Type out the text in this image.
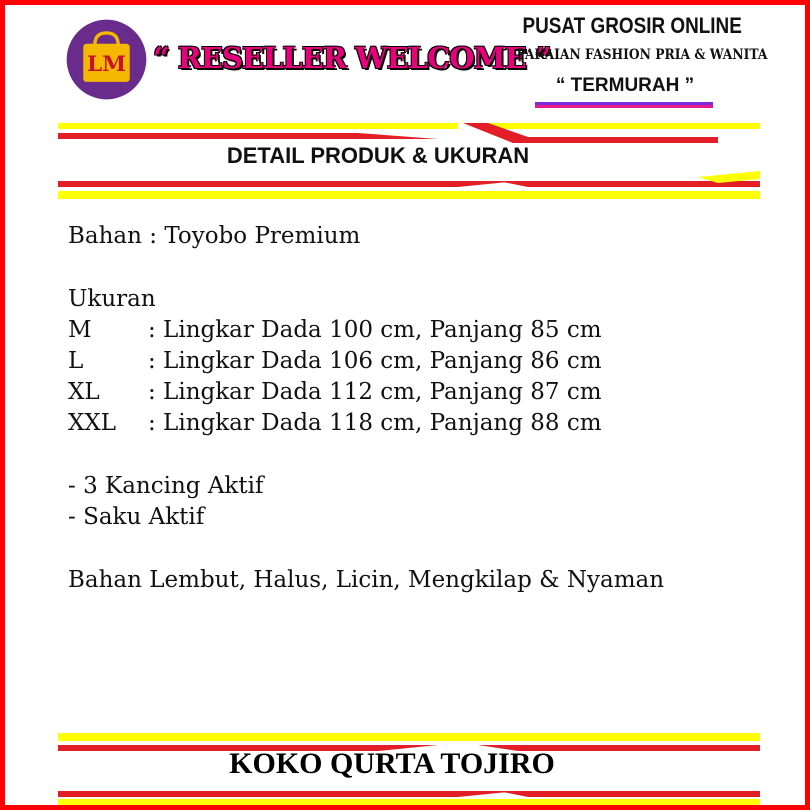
LM “ RESELLER WELCOME ”
PUSAT GROSIR ONLINE
PAKAIAN FASHION PRIA & WANITA
“ TERMURAH ”
DETAIL PRODUK & UKURAN
Bahan : Toyobo Premium
Ukuran
M : Lingkar Dada 100 cm, Panjang 85 cm
L	: Lingkar Dada 106 cm, Panjang 86 cm
XL : Lingkar Dada 112 cm, Panjang 87 cm
XXL : Lingkar Dada 118 cm, Panjang 88 cm
- 3 Kancing Aktif
- Saku Aktif
Bahan Lembut, Halus, Licin, Mengkilap & Nyaman
KOKO QURTA TOJIRO
